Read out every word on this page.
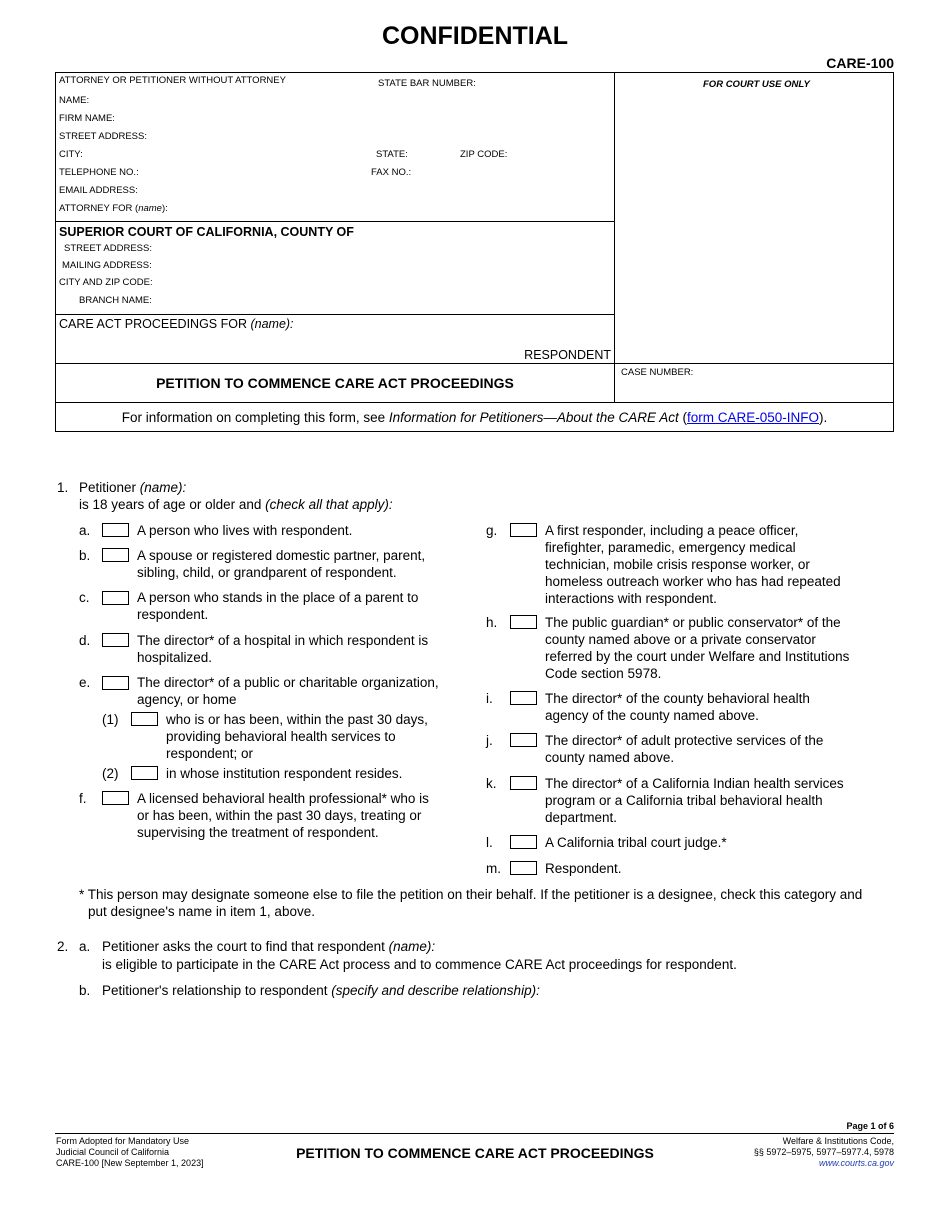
CONFIDENTIAL
CARE-100
ATTORNEY OR PETITIONER WITHOUT ATTORNEY	STATE BAR NUMBER:	FOR COURT USE ONLY
NAME:
FIRM NAME:
STREET ADDRESS:
CITY:	STATE:	ZIP CODE:
TELEPHONE NO.:	FAX NO.:
EMAIL ADDRESS:
ATTORNEY FOR (name):
SUPERIOR COURT OF CALIFORNIA, COUNTY OF
STREET ADDRESS:
MAILING ADDRESS:
CITY AND ZIP CODE:
BRANCH NAME:
CARE ACT PROCEEDINGS FOR (name):
RESPONDENT
CASE NUMBER:
PETITION TO COMMENCE CARE ACT PROCEEDINGS
For information on completing this form, see Information for Petitioners—About the CARE Act (form CARE-050-INFO).
1. Petitioner (name):
is 18 years of age or older and (check all that apply):
a.	A person who lives with respondent.
b.	A spouse or registered domestic partner, parent,
sibling, child, or grandparent of respondent.
c.	A person who stands in the place of a parent to
respondent.
d.	The director* of a hospital in which respondent is
hospitalized.
e.	The director* of a public or charitable organization,
agency, or home
(1)	who is or has been, within the past 30 days,
providing behavioral health services to
respondent; or
(2)	in whose institution respondent resides.
f.	A licensed behavioral health professional* who is
or has been, within the past 30 days, treating or
supervising the treatment of respondent.
g.	A first responder, including a peace officer,
firefighter, paramedic, emergency medical
technician, mobile crisis response worker, or
homeless outreach worker who has had repeated
interactions with respondent.
h.	The public guardian* or public conservator* of the
county named above or a private conservator
referred by the court under Welfare and Institutions
Code section 5978.
i.	The director* of the county behavioral health
agency of the county named above.
j.	The director* of adult protective services of the
county named above.
k.	The director* of a California Indian health services
program or a California tribal behavioral health
department.
l.	A California tribal court judge.*
m.	Respondent.
* This person may designate someone else to file the petition on their behalf. If the petitioner is a designee, check this category and
put designee's name in item 1, above.
2. a. Petitioner asks the court to find that respondent (name):
is eligible to participate in the CARE Act process and to commence CARE Act proceedings for respondent.
b. Petitioner's relationship to respondent (specify and describe relationship):
Page 1 of 6
Form Adopted for Mandatory Use
Judicial Council of California
CARE-100 [New September 1, 2023]
PETITION TO COMMENCE CARE ACT PROCEEDINGS
Welfare & Institutions Code,
§§ 5972–5975, 5977–5977.4, 5978
www.courts.ca.gov
